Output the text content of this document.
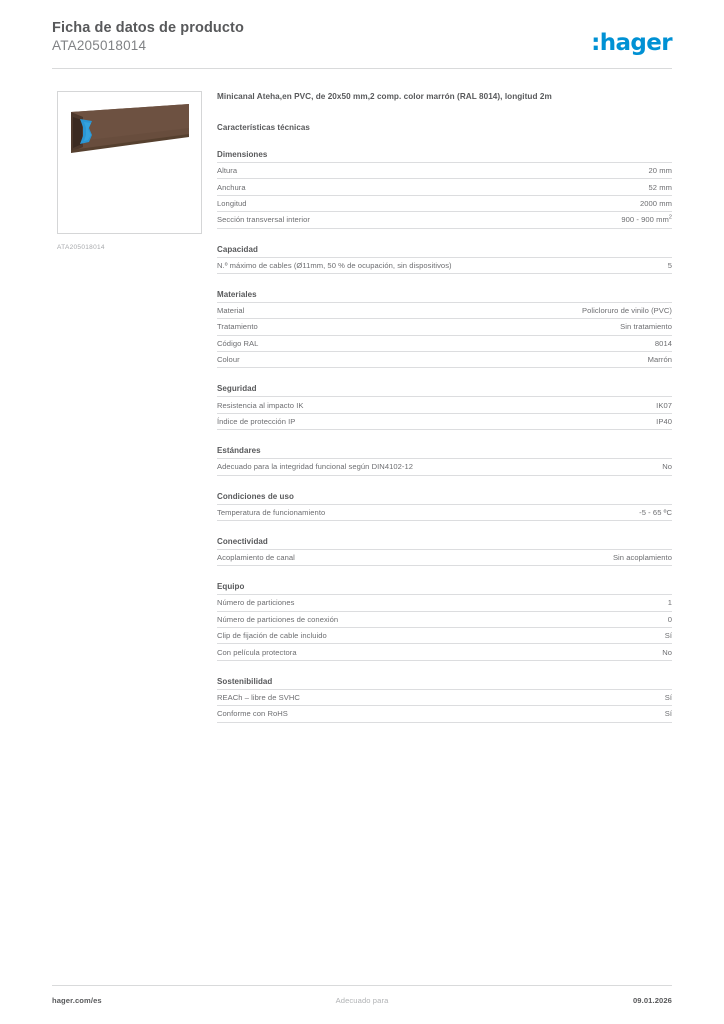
Ficha de datos de producto
ATA205018014	:hager
ATA205018014
Minicanal Ateha,en PVC, de 20x50 mm,2 comp. color marrón (RAL 8014), longitud 2m
Características técnicas
Dimensiones
Altura	20 mm
Anchura	52 mm
Longitud	2000 mm
Sección transversal interior	900 - 900 $mm^2$
Capacidad
N.º máximo de cables (Ø11mm, 50 % de ocupación, sin dispositivos)	5
Materiales
Material	Policloruro de vinilo (PVC)
Tratamiento	Sin tratamiento
Código RAL	8014
Colour	Marrón
Seguridad
Resistencia al impacto IK	IK07
Índice de protección IP	IP40
Estándares
Adecuado para la integridad funcional según DIN4102-12	No
Condiciones de uso
Temperatura de funcionamiento	-5 - 65 ºC
Conectividad
Acoplamiento de canal	Sin acoplamiento
Equipo
Número de particiones	1
Número de particiones de conexión	0
Clip de fijación de cable incluido	Sí
Con película protectora	No
Sostenibilidad
REACh – libre de SVHC	Sí
Conforme con RoHS	Sí
Adecuado para
hager.com/es	09.01.2026
